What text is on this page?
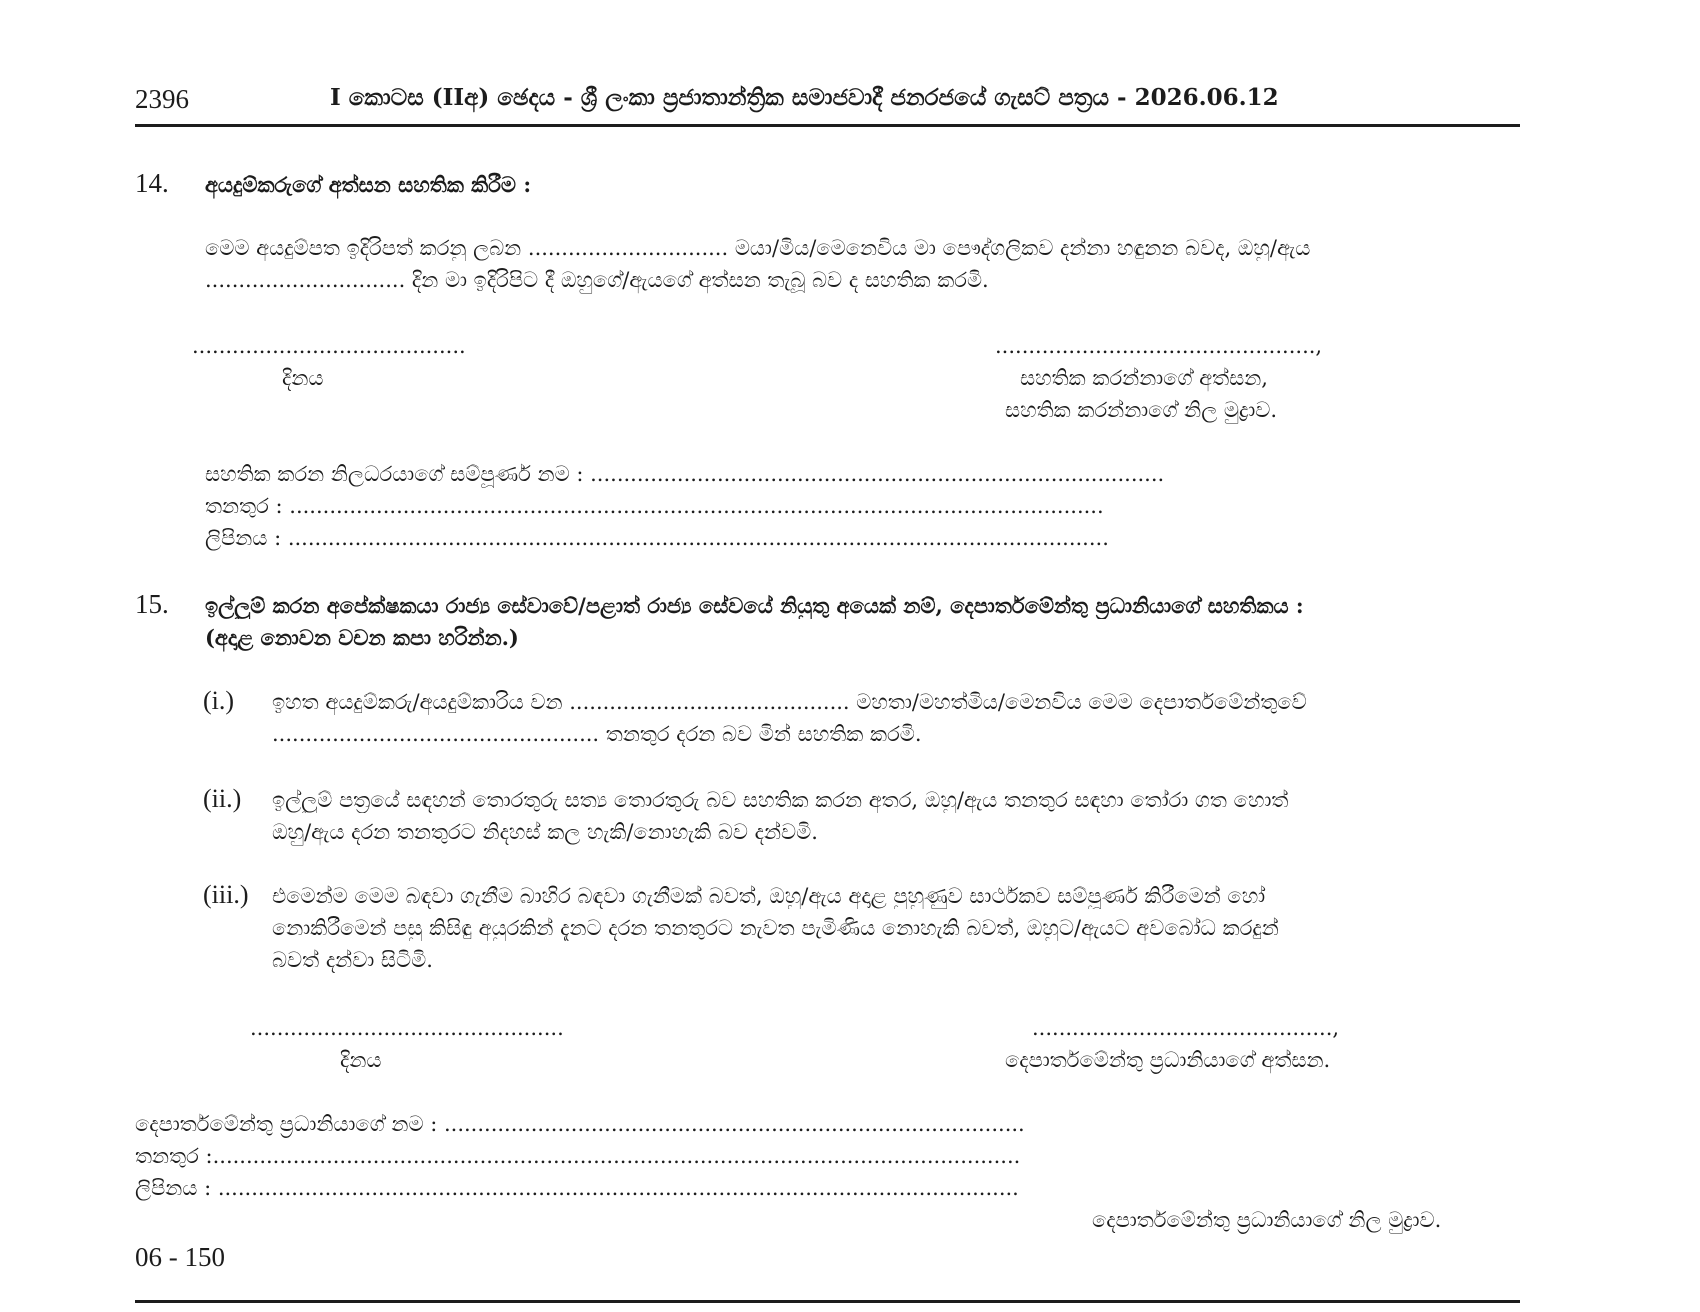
2396	I කොටස (IIඅ) ඡෙදය - ශ්‍රී ලංකා ප්‍රජාතාන්ත්‍රික සමාජවාදී ජනරජයේ ගැසට් පත්‍රය - 2026.06.12
14. අයදුම්කරුගේ අත්සන සහතික කිරීම :
මෙම අයදුම්පත ඉදිරිපත් කරනු ලබන .............................. මයා/මිය/මෙනෙවිය මා පෞද්ගලිකව දන්නා හඳුනන බවද, ඔහු/ඇය
.............................. දින මා ඉදිරිපිට දී ඔහුගේ/ඇයගේ අත්සන තැබූ බව ද සහතික කරමි.
.........................................
දිනය
................................................,
සහතික කරන්නාගේ අත්සන,
සහතික කරන්නාගේ නිල මුද්‍රාව.
සහතික කරන නිලධරයාගේ සම්පූර්ණ නම : ......................................................................................
තනතුර : ..........................................................................................................................
ලිපිනය : ...........................................................................................................................
15. ඉල්ලුම් කරන අපේක්ෂකයා රාජ්‍ය සේවාවේ/පළාත් රාජ්‍ය සේවයේ නියුතු අයෙක් නම්, දෙපාර්තමේන්තු ප්‍රධානියාගේ සහතිකය :
(අදාළ නොවන වචන කපා හරින්න.)
(i.) ඉහත අයදුම්කරු/අයදුම්කාරිය වන .......................................... මහතා/මහත්මිය/මෙනවිය මෙම දෙපාර්තමේන්තුවේ
................................................. තනතුර දරන බව මින් සහතික කරමි.
(ii.) ඉල්ලුම් පත්‍රයේ සඳහන් තොරතුරු සත්‍ය තොරතුරු බව සහතික කරන අතර, ඔහු/ඇය තනතුර සඳහා තෝරා ගත හොත්
ඔහු/ඇය දරන තනතුරට නිදහස් කල හැකි/නොහැකි බව දන්වමි.
(iii.) එමෙන්ම මෙම බඳවා ගැනීම බාහිර බඳවා ගැනීමක් බවත්, ඔහු/ඇය අදාළ පුහුණුව සාර්ථකව සම්පූර්ණ කිරීමෙන් හෝ
නොකිරීමෙන් පසු කිසිඳු අයුරකින් දැනට දරන තනතුරට නැවත පැමිණිය නොහැකි බවත්, ඔහුට/ඇයට අවබෝධ කරදුන්
බවත් දන්වා සිටිමි.
...............................................
දිනය
.............................................,
දෙපාර්තමේන්තු ප්‍රධානියාගේ අත්සන.
දෙපාර්තමේන්තු ප්‍රධානියාගේ නම : .......................................................................................
තනතුර :.........................................................................................................................
ලිපිනය : ........................................................................................................................
දෙපාර්තමේන්තු ප්‍රධානියාගේ නිල මුද්‍රාව.
06 - 150
